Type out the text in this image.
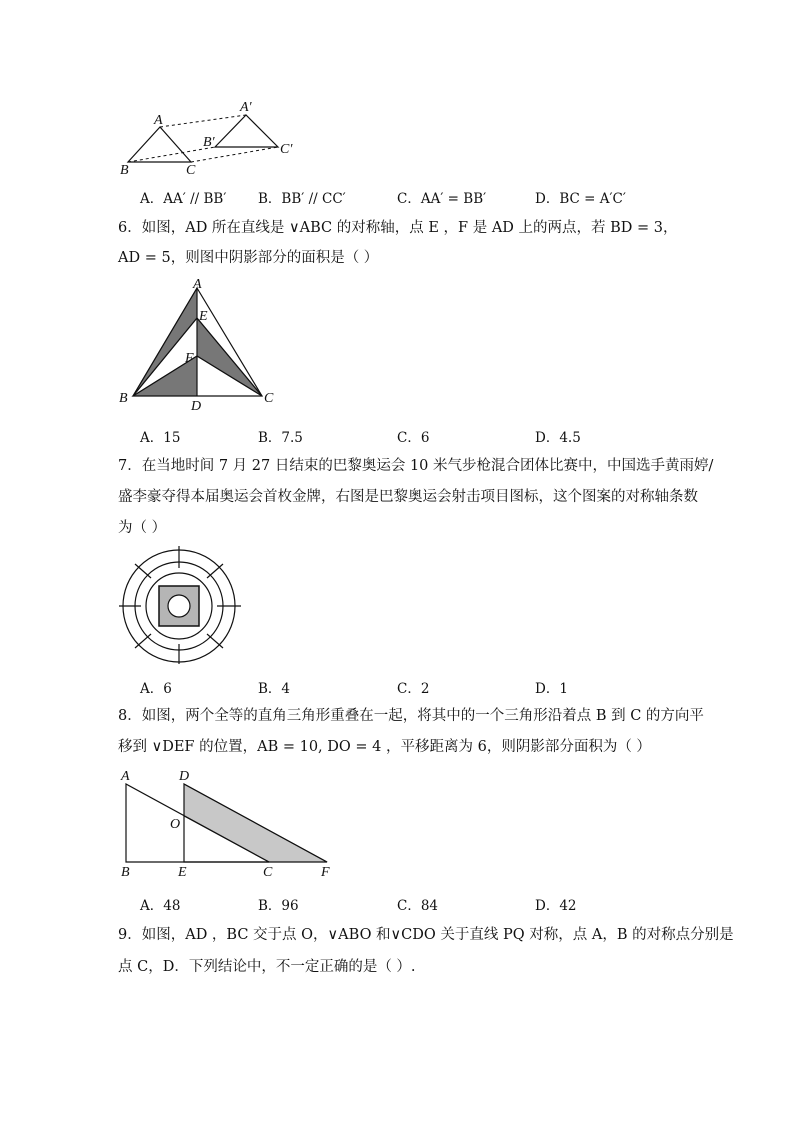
A
A′
B′
B	C
C′
A．AA′ // BB′ B．BB′ // CC′	C．AA′ = BB′	D．BC = A′C′
6．如图，AD 所在直线是 ∨ABC 的对称轴，点 E ，F 是 AD 上的两点，若 BD = 3，
AD = 5，则图中阴影部分的面积是（ ）
A
E
F
B
D
C
A．15	B．7.5	C．6	D．4.5
7．在当地时间 7 月 27 日结束的巴黎奥运会 10 米气步枪混合团体比赛中，中国选手黄雨婷/
盛李豪夺得本届奥运会首枚金牌，右图是巴黎奥运会射击项目图标，这个图案的对称轴条数
为（ ）
A．6	B．4	C．2	D．1
8．如图，两个全等的直角三角形重叠在一起，将其中的一个三角形沿着点 B 到 C 的方向平
移到 ∨DEF 的位置，AB = 10, DO = 4 ，平移距离为 6，则阴影部分面积为（ ）
A	D
O
B	E	C	F
A．48	B．96	C．84	D．42
9．如图，AD ，BC 交于点 O，∨ABO 和∨CDO 关于直线 PQ 对称，点 A，B 的对称点分别是
点 C，D．下列结论中，不一定正确的是（ ）.
